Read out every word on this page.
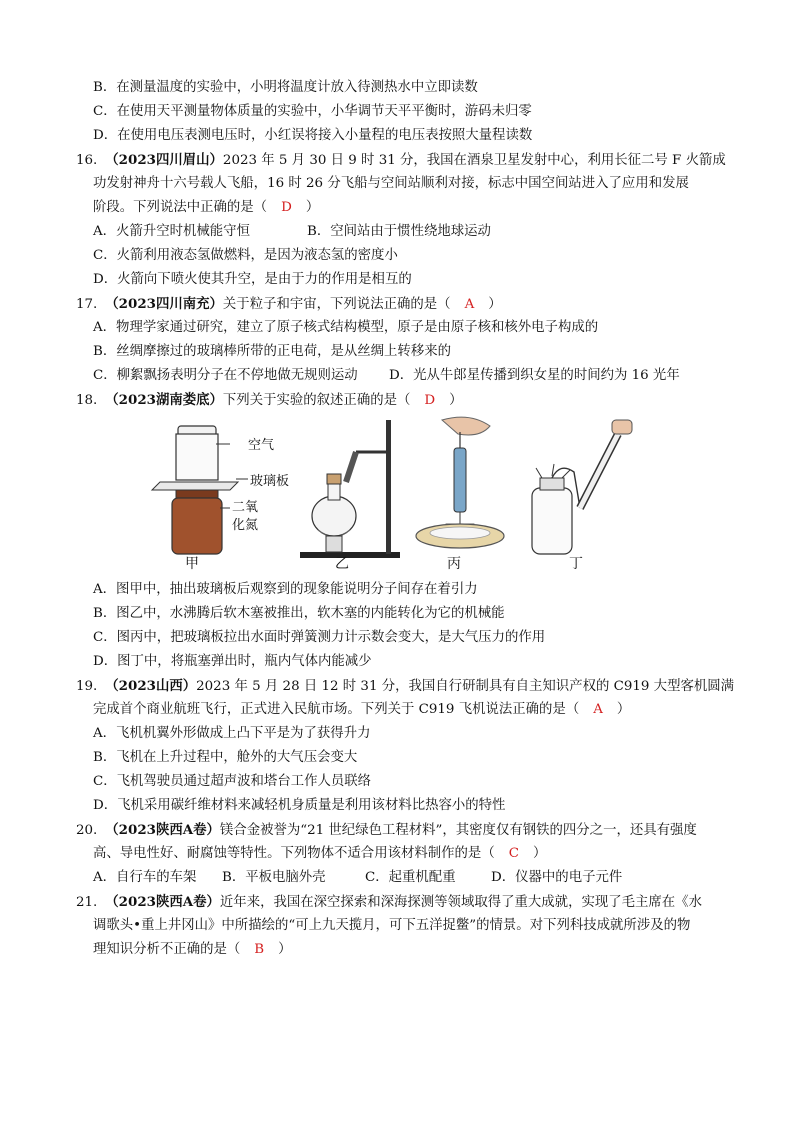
B．在测量温度的实验中，小明将温度计放入待测热水中立即读数
C．在使用天平测量物体质量的实验中，小华调节天平平衡时，游码未归零
D．在使用电压表测电压时，小红误将接入小量程的电压表按照大量程读数
16. （2023四川眉山）2023 年 5 月 30 日 9 时 31 分，我国在酒泉卫星发射中心，利用长征二号 F 火箭成
功发射神舟十六号载人飞船，16 时 26 分飞船与空间站顺利对接，标志中国空间站进入了应用和发展
阶段。下列说法中正确的是（ D ）
A．火箭升空时机械能守恒	B．空间站由于惯性绕地球运动
C．火箭利用液态氢做燃料，是因为液态氢的密度小
D．火箭向下喷火使其升空，是由于力的作用是相互的
17. （2023四川南充）关于粒子和宇宙，下列说法正确的是（ A ）
A．物理学家通过研究，建立了原子核式结构模型，原子是由原子核和核外电子构成的
B．丝绸摩擦过的玻璃棒所带的正电荷，是从丝绸上转移来的
C．柳絮飘扬表明分子在不停地做无规则运动 D．光从牛郎星传播到织女星的时间约为 16 光年
18. （2023湖南娄底）下列关于实验的叙述正确的是（ D ）
空气
玻璃板
二氧
化氮
甲	乙	丙	丁
A．图甲中，抽出玻璃板后观察到的现象能说明分子间存在着引力
B．图乙中，水沸腾后软木塞被推出，软木塞的内能转化为它的机械能
C．图丙中，把玻璃板拉出水面时弹簧测力计示数会变大，是大气压力的作用
D．图丁中，将瓶塞弹出时，瓶内气体内能减少
19. （2023山西）2023 年 5 月 28 日 12 时 31 分，我国自行研制具有自主知识产权的 C919 大型客机圆满
完成首个商业航班飞行，正式进入民航市场。下列关于 C919 飞机说法正确的是（ A ）
A．飞机机翼外形做成上凸下平是为了获得升力
B．飞机在上升过程中，舱外的大气压会变大
C．飞机驾驶员通过超声波和塔台工作人员联络
D．飞机采用碳纤维材料来减轻机身质量是利用该材料比热容小的特性
20. （2023陕西A卷）镁合金被誉为“21 世纪绿色工程材料”，其密度仅有钢铁的四分之一，还具有强度
高、导电性好、耐腐蚀等特性。下列物体不适合用该材料制作的是（ C ）
A．自行车的车架 B．平板电脑外壳	C．起重机配重	D．仪器中的电子元件
21. （2023陕西A卷）近年来，我国在深空探索和深海探测等领域取得了重大成就，实现了毛主席在《水
调歌头•重上井冈山》中所描绘的“可上九天揽月，可下五洋捉鳖”的情景。对下列科技成就所涉及的物
理知识分析不正确的是（ B ）
